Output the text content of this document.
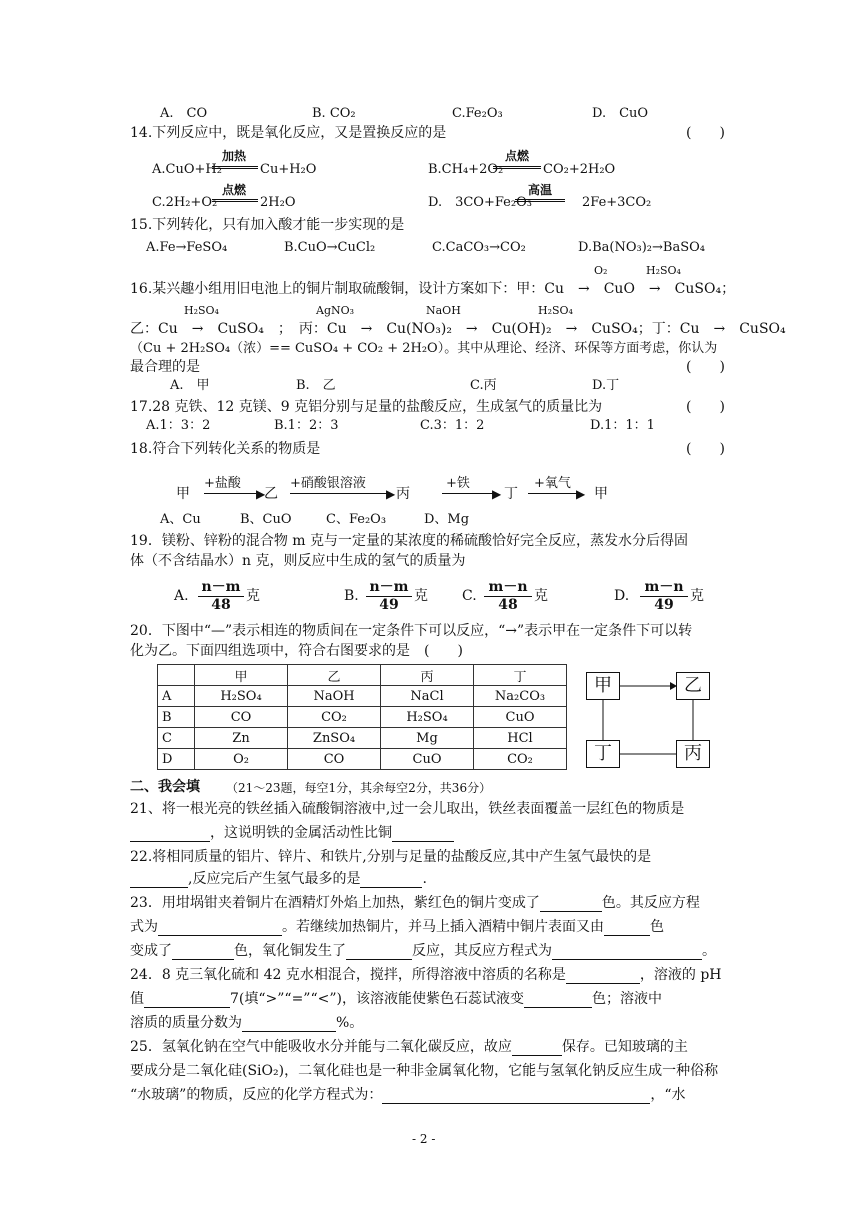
A.　CO	B. CO₂	C.Fe₂O₃	D.　CuO
14.下列反应中，既是氧化反应，又是置换反应的是	(　　)
A.CuO+H₂
加热
Cu+H₂O	B.CH₄+2O₂
点燃
CO₂+2H₂O
C.2H₂+O₂
点燃
2H₂O	D.　3CO+Fe₂O₃
高温
2Fe+3CO₂
15.下列转化，只有加入酸才能一步实现的是
A.Fe→FeSO₄	B.CuO→CuCl₂	C.CaCO₃→CO₂	D.Ba(NO₃)₂→BaSO₄
O₂	H₂SO₄
16.某兴趣小组用旧电池上的铜片制取硫酸铜，设计方案如下：甲：Cu　→　CuO　→　CuSO₄；
H₂SO₄	AgNO₃	NaOH	H₂SO₄
乙：Cu　→　CuSO₄　；　丙：Cu　→　Cu(NO₃)₂　→　Cu(OH)₂　→　CuSO₄；丁：Cu　→　CuSO₄
（Cu + 2H₂SO₄（浓）== CuSO₄ + CO₂ + 2H₂O）。其中从理论、经济、环保等方面考虑，你认为
最合理的是	(　　)
A.　甲	B.　乙	C.丙	D.丁
17.28 克铁、12 克镁、9 克铝分别与足量的盐酸反应，生成氢气的质量比为	(　　)
A.1：3：2	B.1：2：3	C.3：1：2	D.1：1：1
18.符合下列转化关系的物质是	(　　)
甲
+盐酸
▶
乙
+硝酸银溶液
▶ 丙
+铁
▶ 丁
+氧气
▶ 甲
A、Cu	B、CuO	C、Fe₂O₃	D、Mg
19．镁粉、锌粉的混合物 m 克与一定量的某浓度的稀硫酸恰好完全反应，蒸发水分后得固
体（不含结晶水）n 克，则反应中生成的氢气的质量为
A. $\frac{n-m}{48}$ 克	B. $\frac{n-m}{49}$ 克 C. $\frac{m-n}{48}$ 克	D. $\frac{m-n}{49}$ 克
20．下图中“—”表示相连的物质间在一定条件下可以反应，“→”表示甲在一定条件下可以转
化为乙。下面四组选项中，符合右图要求的是　(　　)
	甲	乙	丙	丁
A	H₂SO₄	NaOH	NaCl	Na₂CO₃
B	CO	CO₂	H₂SO₄	CuO
C	Zn	ZnSO₄	Mg	HCl
D	O₂	CO	CuO	CO₂
甲	乙
丁	丙
二、我会填 （21～23题，每空1分，其余每空2分，共36分）
21、将一根光亮的铁丝插入硫酸铜溶液中,过一会儿取出，铁丝表面覆盖一层红色的物质是
，这说明铁的金属活动性比铜
22.将相同质量的铝片、锌片、和铁片,分别与足量的盐酸反应,其中产生氢气最快的是
,反应完后产生氢气最多的是	.
23．用坩埚钳夹着铜片在酒精灯外焰上加热，紫红色的铜片变成了	色。其反应方程
式为	。若继续加热铜片，并马上插入酒精中铜片表面又由	色
变成了	色，氧化铜发生了	反应，其反应方程式为	。
24．8 克三氧化硫和 42 克水相混合，搅拌，所得溶液中溶质的名称是	，溶液的 pH
值	7(填“>”“=”“<”)，该溶液能使紫色石蕊试液变	色；溶液中
溶质的质量分数为	%。
25．氢氧化钠在空气中能吸收水分并能与二氧化碳反应，故应	保存。已知玻璃的主
要成分是二氧化硅(SiO₂)，二氧化硅也是一种非金属氧化物，它能与氢氧化钠反应生成一种俗称
“水玻璃”的物质，反应的化学方程式为：	，“水
- 2 -
